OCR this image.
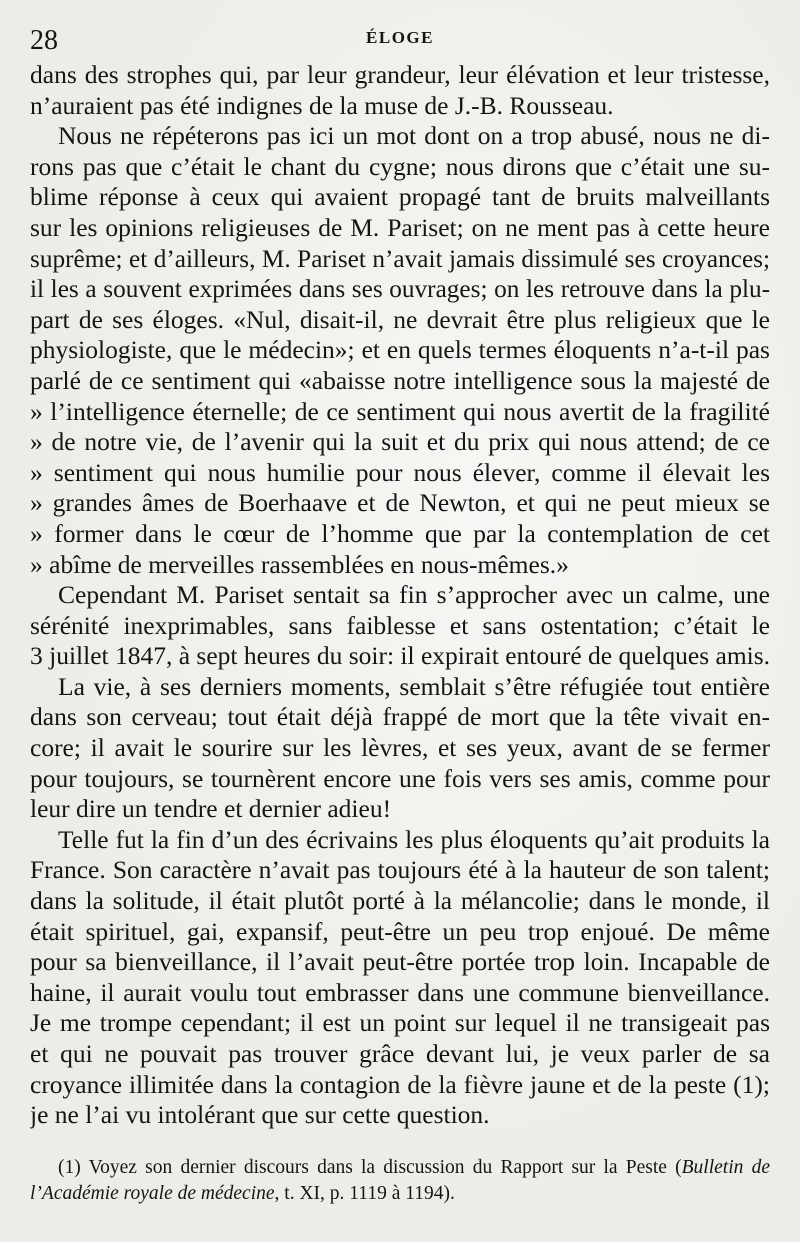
28	ÉLOGE
dans des strophes qui, par leur grandeur, leur élévation et leur tristesse,
n’auraient pas été indignes de la muse de J.-B. Rousseau.
Nous ne répéterons pas ici un mot dont on a trop abusé, nous ne di-
rons pas que c’était le chant du cygne; nous dirons que c’était une su-
blime réponse à ceux qui avaient propagé tant de bruits malveillants
sur les opinions religieuses de M. Pariset; on ne ment pas à cette heure
suprême; et d’ailleurs, M. Pariset n’avait jamais dissimulé ses croyances;
il les a souvent exprimées dans ses ouvrages; on les retrouve dans la plu-
part de ses éloges. «Nul, disait-il, ne devrait être plus religieux que le
physiologiste, que le médecin»; et en quels termes éloquents n’a-t-il pas
parlé de ce sentiment qui «abaisse notre intelligence sous la majesté de
» l’intelligence éternelle; de ce sentiment qui nous avertit de la fragilité
» de notre vie, de l’avenir qui la suit et du prix qui nous attend; de ce
» sentiment qui nous humilie pour nous élever, comme il élevait les
» grandes âmes de Boerhaave et de Newton, et qui ne peut mieux se
» former dans le cœur de l’homme que par la contemplation de cet
» abîme de merveilles rassemblées en nous-mêmes.»
Cependant M. Pariset sentait sa fin s’approcher avec un calme, une
sérénité inexprimables, sans faiblesse et sans ostentation; c’était le
3 juillet 1847, à sept heures du soir: il expirait entouré de quelques amis.
La vie, à ses derniers moments, semblait s’être réfugiée tout entière
dans son cerveau; tout était déjà frappé de mort que la tête vivait en-
core; il avait le sourire sur les lèvres, et ses yeux, avant de se fermer
pour toujours, se tournèrent encore une fois vers ses amis, comme pour
leur dire un tendre et dernier adieu!
Telle fut la fin d’un des écrivains les plus éloquents qu’ait produits la
France. Son caractère n’avait pas toujours été à la hauteur de son talent;
dans la solitude, il était plutôt porté à la mélancolie; dans le monde, il
était spirituel, gai, expansif, peut-être un peu trop enjoué. De même
pour sa bienveillance, il l’avait peut-être portée trop loin. Incapable de
haine, il aurait voulu tout embrasser dans une commune bienveillance.
Je me trompe cependant; il est un point sur lequel il ne transigeait pas
et qui ne pouvait pas trouver grâce devant lui, je veux parler de sa
croyance illimitée dans la contagion de la fièvre jaune et de la peste (1);
je ne l’ai vu intolérant que sur cette question.
(1) Voyez son dernier discours dans la discussion du Rapport sur la Peste (Bulletin de
l’Académie royale de médecine, t. XI, p. 1119 à 1194).
